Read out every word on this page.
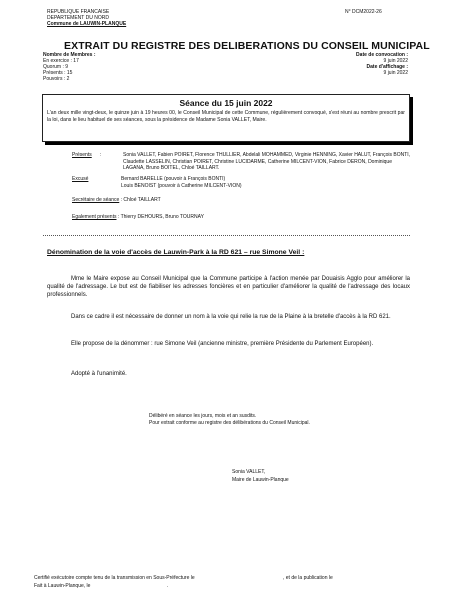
REPUBLIQUE FRANCAISE
DEPARTEMENT DU NORD
Commune de LAUWIN-PLANQUE
N° DCM2022-26
EXTRAIT DU REGISTRE DES DELIBERATIONS DU CONSEIL MUNICIPAL
Nombre de Membres :
En exercice : 17
Quorum : 9
Présents : 15
Pouvoirs : 2
Date de convocation :
9 juin 2022
Date d'affichage :
9 juin 2022
Séance du 15 juin 2022
L'an deux mille vingt-deux, le quinze juin à 19 heures 00, le Conseil Municipal de cette Commune, régulièrement convoqué, s'est réuni au nombre prescrit par la loi, dans le lieu habituel de ses séances, sous la présidence de Madame Sonia VALLET, Maire.
Présents :	Sonia VALLET, Fabien POIRET, Florence THULLIER, Abdelali MOHAMMED, Virginie HENNING, Xavier HALUT, François BONTI, Claudette LASSELIN, Christian POIRET, Christine LUCIDARME, Catherine MILCENT-VION, Fabrice DERON, Dominique LAGANA, Bruno BOITEL, Chloé TAILLART.
Excusé	Bernard BARELLE (pouvoir à François BONTI)
Louis BENOIST (pouvoir à Catherine MILCENT-VION)
Secrétaire de séance : Chloé TAILLART
Egalement présents : Thierry DEHOURS, Bruno TOURNAY
Dénomination de la voie d'accès de Lauwin-Park à la RD 621 – rue Simone Veil :
Mme le Maire expose au Conseil Municipal que la Commune participe à l'action menée par Douaisis Agglo pour améliorer la qualité de l'adressage. Le but est de fiabiliser les adresses foncières et en particulier d'améliorer la qualité de l'adressage des locaux professionnels.
Dans ce cadre il est nécessaire de donner un nom à la voie qui relie la rue de la Plaine à la bretelle d'accès à la RD 621.
Elle propose de la dénommer : rue Simone Veil (ancienne ministre, première Présidente du Parlement Européen).
Adopté à l'unanimité.
Délibéré en séance les jours, mois et an susdits.
Pour extrait conforme au registre des délibérations du Conseil Municipal.
Sonia VALLET,
Maire de Lauwin-Planque
Certifié exécutoire compte tenu de la transmission en Sous-Préfecture le	, et de la publication le
Fait à Lauwin-Planque, le	.
